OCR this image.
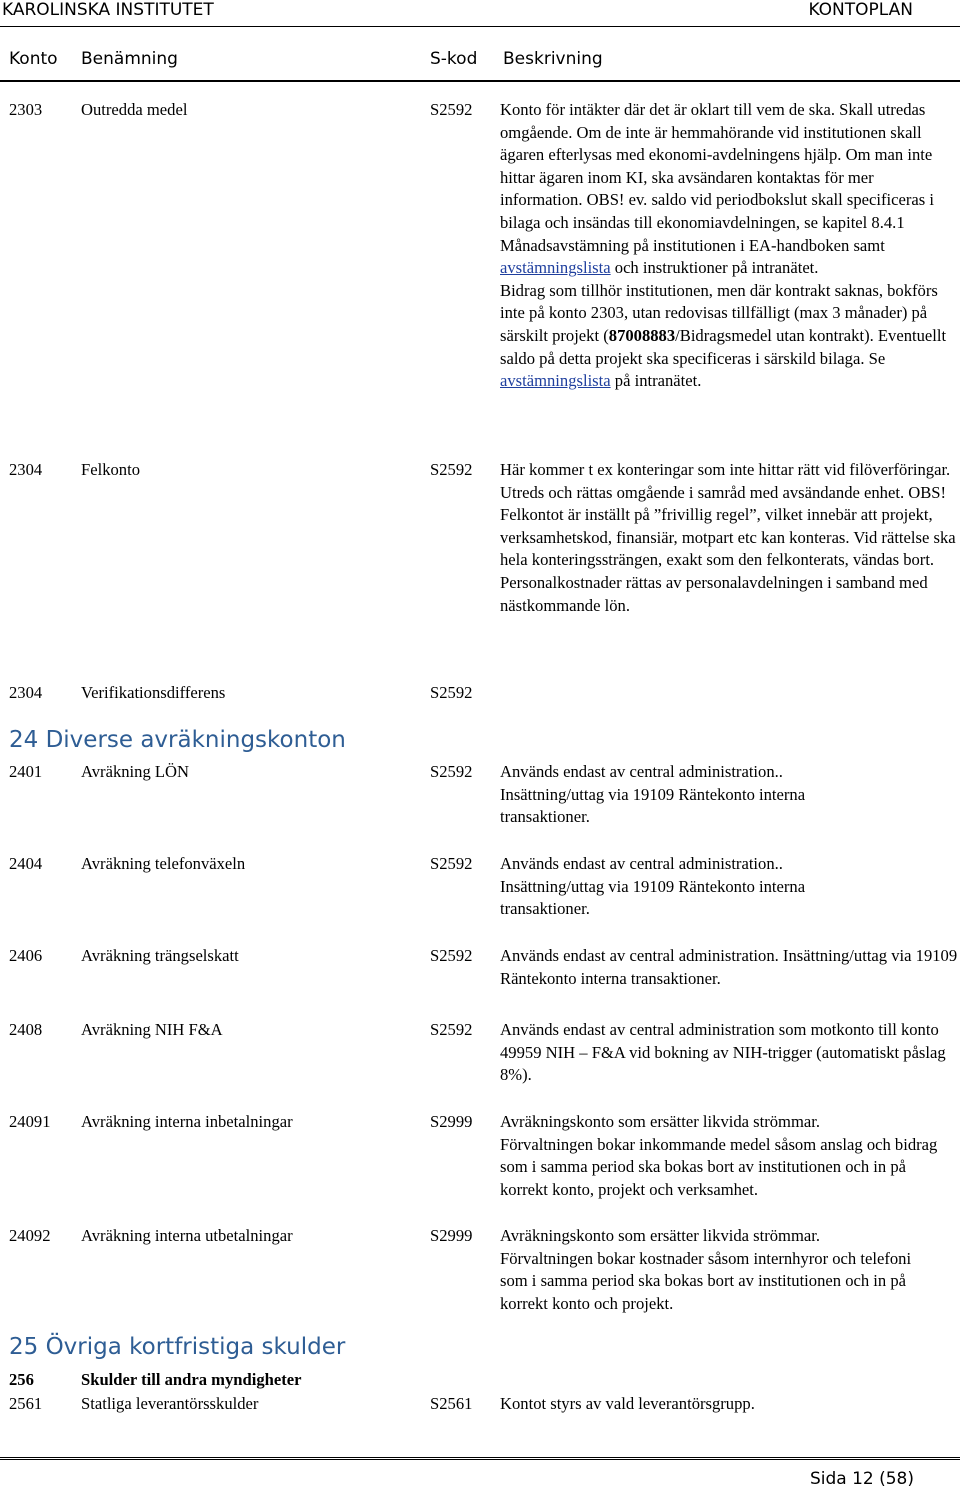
KAROLINSKA INSTITUTET	KONTOPLAN
Konto Benämning	S-kod Beskrivning
2303 Outredda medel	S2592 Konto för intäkter där det är oklart till vem de ska. Skall utredas omgående. Om de inte är hemmahörande vid institutionen skall ägaren efterlysas med ekonomi-avdelningens hjälp. Om man inte hittar ägaren inom KI, ska avsändaren kontaktas för mer information. OBS! ev. saldo vid periodbokslut skall specificeras i bilaga och insändas till ekonomiavdelningen, se kapitel 8.4.1 Månadsavstämning på institutionen i EA-handboken samt avstämningslista och instruktioner på intranätet.
Bidrag som tillhör institutionen, men där kontrakt saknas, bokförs inte på konto 2303, utan redovisas tillfälligt (max 3 månader) på särskilt projekt (87008883/Bidragsmedel utan kontrakt). Eventuellt saldo på detta projekt ska specificeras i särskild bilaga. Se avstämningslista på intranätet.
2304 Felkonto	S2592 Här kommer t ex konteringar som inte hittar rätt vid filöverföringar. Utreds och rättas omgående i samråd med avsändande enhet. OBS! Felkontot är inställt på ”frivillig regel”, vilket innebär att projekt, verksamhetskod, finansiär, motpart etc kan konteras. Vid rättelse ska hela konteringssträngen, exakt som den felkonterats, vändas bort.
Personalkostnader rättas av personalavdelningen i samband med nästkommande lön.
2304 Verifikationsdifferens	S2592
24 Diverse avräkningskonton
2401 Avräkning LÖN	S2592 Används endast av central administration..
Insättning/uttag via 19109 Räntekonto interna transaktioner.
2404 Avräkning telefonväxeln	S2592 Används endast av central administration..
Insättning/uttag via 19109 Räntekonto interna transaktioner.
2406 Avräkning trängselskatt	S2592 Används endast av central administration. Insättning/uttag via 19109 Räntekonto interna transaktioner.
2408 Avräkning NIH F&A	S2592 Används endast av central administration som motkonto till konto 49959 NIH – F&A vid bokning av NIH-trigger (automatiskt påslag 8%).
24091 Avräkning interna inbetalningar	S2999 Avräkningskonto som ersätter likvida strömmar.
Förvaltningen bokar inkommande medel såsom anslag och bidrag som i samma period ska bokas bort av institutionen och in på korrekt konto, projekt och verksamhet.
24092 Avräkning interna utbetalningar	S2999 Avräkningskonto som ersätter likvida strömmar.
Förvaltningen bokar kostnader såsom internhyror och telefoni som i samma period ska bokas bort av institutionen och in på korrekt konto och projekt.
25 Övriga kortfristiga skulder
256	Skulder till andra myndigheter
2561 Statliga leverantörsskulder	S2561 Kontot styrs av vald leverantörsgrupp.
Sida 12 (58)
